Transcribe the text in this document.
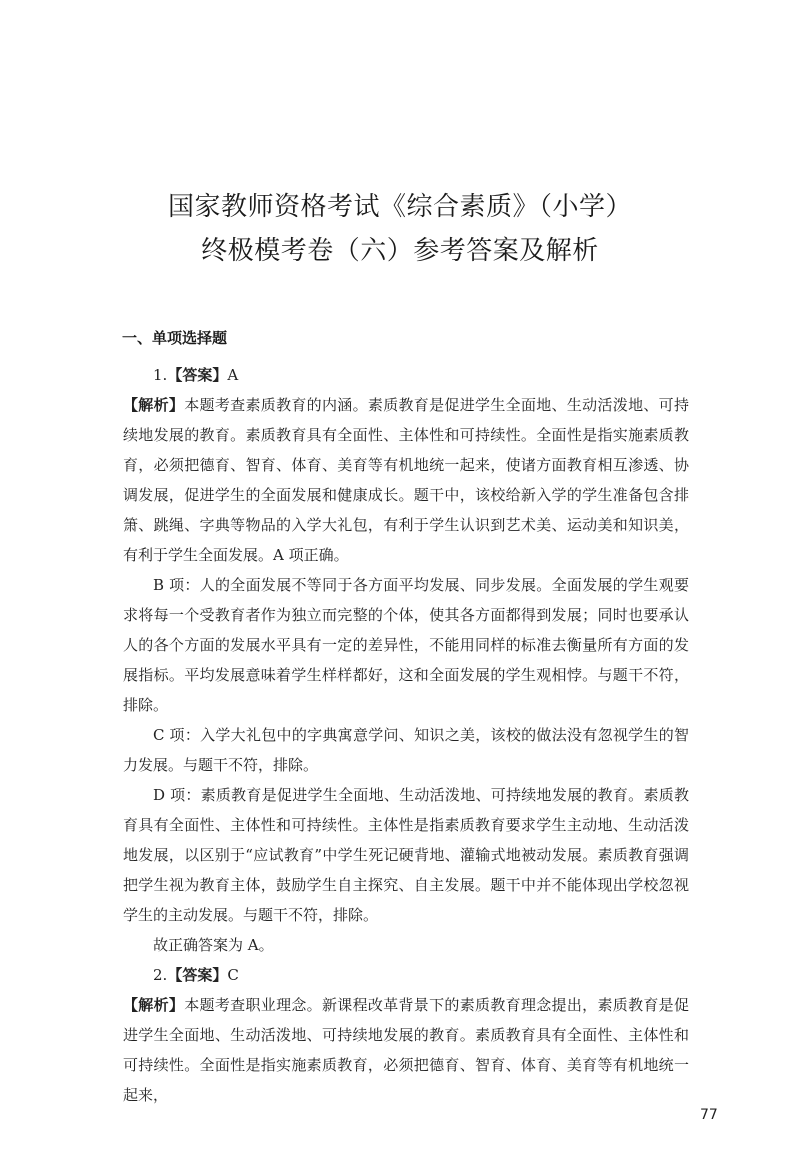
国家教师资格考试《综合素质》（小学）
终极模考卷（六）参考答案及解析
一、单项选择题

1.【答案】A

【解析】本题考查素质教育的内涵。素质教育是促进学生全面地、生动活泼地、可持续地发展的教育。素质教育具有全面性、主体性和可持续性。全面性是指实施素质教育，必须把德育、智育、体育、美育等有机地统一起来，使诸方面教育相互渗透、协调发展，促进学生的全面发展和健康成长。题干中，该校给新入学的学生准备包含排箫、跳绳、字典等物品的入学大礼包，有利于学生认识到艺术美、运动美和知识美，有利于学生全面发展。A 项正确。

B 项：人的全面发展不等同于各方面平均发展、同步发展。全面发展的学生观要求将每一个受教育者作为独立而完整的个体，使其各方面都得到发展；同时也要承认人的各个方面的发展水平具有一定的差异性，不能用同样的标准去衡量所有方面的发展指标。平均发展意味着学生样样都好，这和全面发展的学生观相悖。与题干不符，排除。

C 项：入学大礼包中的字典寓意学问、知识之美，该校的做法没有忽视学生的智力发展。与题干不符，排除。

D 项：素质教育是促进学生全面地、生动活泼地、可持续地发展的教育。素质教育具有全面性、主体性和可持续性。主体性是指素质教育要求学生主动地、生动活泼地发展，以区别于“应试教育”中学生死记硬背地、灌输式地被动发展。素质教育强调把学生视为教育主体，鼓励学生自主探究、自主发展。题干中并不能体现出学校忽视学生的主动发展。与题干不符，排除。

故正确答案为 A。

2.【答案】C

【解析】本题考查职业理念。新课程改革背景下的素质教育理念提出，素质教育是促进学生全面地、生动活泼地、可持续地发展的教育。素质教育具有全面性、主体性和可持续性。全面性是指实施素质教育，必须把德育、智育、体育、美育等有机地统一起来，

77
